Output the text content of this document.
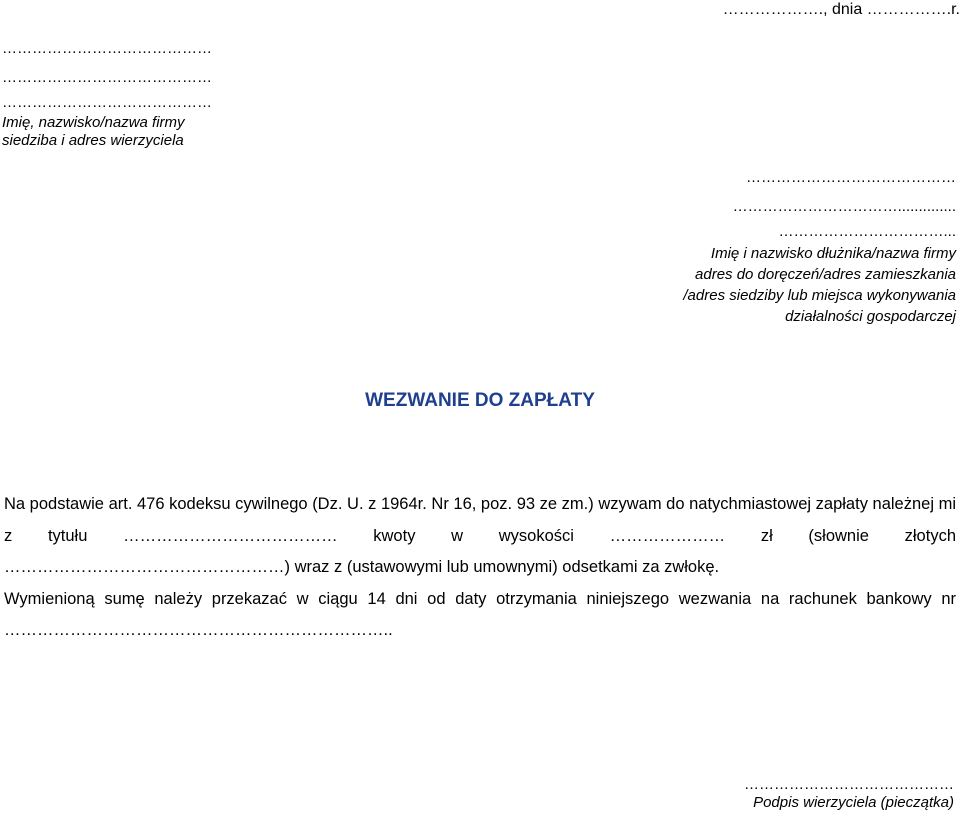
………………., dnia …………….r.
……………………………………
……………………………………
……………………………………
Imię, nazwisko/nazwa firmy
siedziba i adres wierzyciela
……………………………………
……………………………..............
……………………………...
Imię i nazwisko dłużnika/nazwa firmy
adres do doręczeń/adres zamieszkania
/adres siedziby lub miejsca wykonywania
działalności gospodarczej
WEZWANIE DO ZAPŁATY

Na podstawie art. 476 kodeksu cywilnego (Dz. U. z 1964r. Nr 16, poz. 93 ze zm.) wzywam do natychmiastowej zapłaty należnej mi z tytułu ………………………………… kwoty w wysokości ………………… zł (słownie złotych ……………………………………………) wraz z (ustawowymi lub umownymi) odsetkami za zwłokę.

Wymienioną sumę należy przekazać w ciągu 14 dni od daty otrzymania niniejszego wezwania na rachunek bankowy nr ……………………………………………………………..

……………………………………
Podpis wierzyciela (pieczątka)
